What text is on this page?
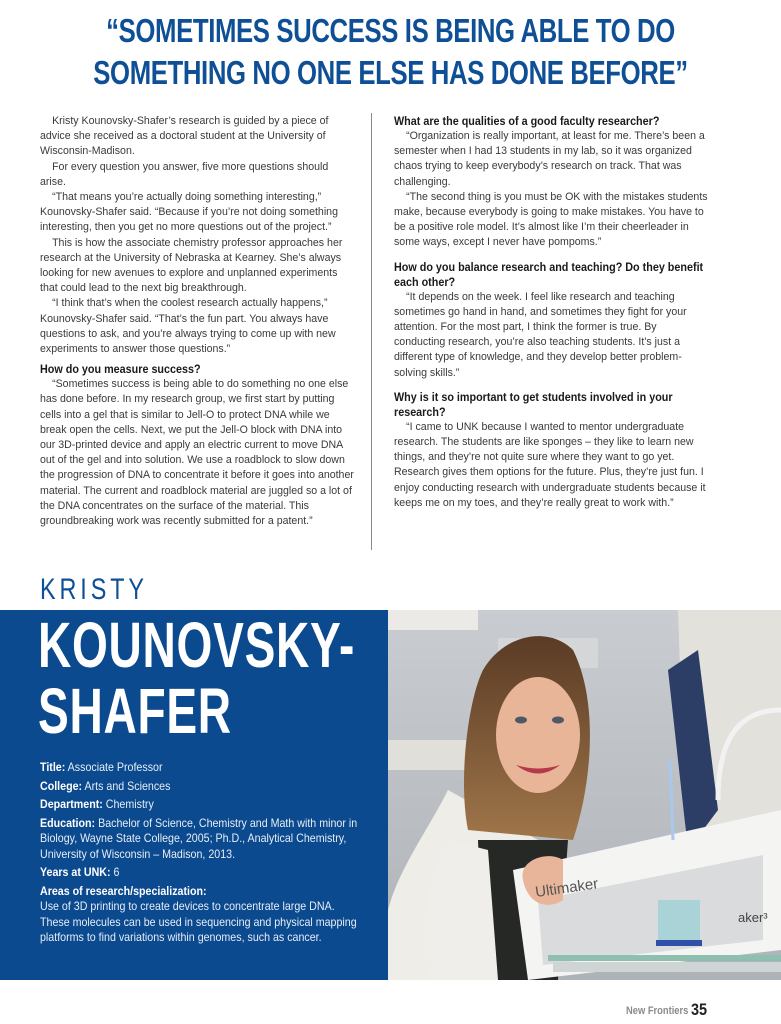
“SOMETIMES SUCCESS IS BEING ABLE TO DO
SOMETHING NO ONE ELSE HAS DONE BEFORE”

Kristy Kounovsky-Shafer’s research is guided by a piece of advice she received as a doctoral student at the University of Wisconsin-Madison.

For every question you answer, five more questions should arise.

“That means you’re actually doing something interesting,” Kounovsky-Shafer said. “Because if you’re not doing something interesting, then you get no more questions out of the project.”

This is how the associate chemistry professor approaches her research at the University of Nebraska at Kearney. She’s always looking for new avenues to explore and unplanned experiments that could lead to the next big breakthrough.

“I think that’s when the coolest research actually happens,” Kounovsky-Shafer said. “That’s the fun part. You always have questions to ask, and you’re always trying to come up with new experiments to answer those questions.”

How do you measure success?

“Sometimes success is being able to do something no one else has done before. In my research group, we first start by putting cells into a gel that is similar to Jell-O to protect DNA while we break open the cells. Next, we put the Jell-O block with DNA into our 3D-printed device and apply an electric current to move DNA out of the gel and into solution. We use a roadblock to slow down the progression of DNA to concentrate it before it goes into another material. The current and roadblock material are juggled so a lot of the DNA concentrates on the surface of the material. This groundbreaking work was recently submitted for a patent.”

What are the qualities of a good faculty researcher?

“Organization is really important, at least for me. There’s been a semester when I had 13 students in my lab, so it was organized chaos trying to keep everybody’s research on track. That was challenging.

“The second thing is you must be OK with the mistakes students make, because everybody is going to make mistakes. You have to be a positive role model. It’s almost like I’m their cheerleader in some ways, except I never have pompoms.”

How do you balance research and teaching? Do they benefit each other?

“It depends on the week. I feel like research and teaching sometimes go hand in hand, and sometimes they fight for your attention. For the most part, I think the former is true. By conducting research, you’re also teaching students. It’s just a different type of knowledge, and they develop better problem-solving skills.”

Why is it so important to get students involved in your research?

“I came to UNK because I wanted to mentor undergraduate research. The students are like sponges – they like to learn new things, and they’re not quite sure where they want to go yet. Research gives them options for the future. Plus, they’re just fun. I enjoy conducting research with undergraduate students because it keeps me on my toes, and they’re really great to work with.”

KRISTY
KOUNOVSKY-
SHAFER
Title: Associate Professor
College: Arts and Sciences
Department: Chemistry
Education: Bachelor of Science, Chemistry and Math with minor in Biology, Wayne State College, 2005; Ph.D., Analytical Chemistry, University of Wisconsin – Madison, 2013.
Years at UNK: 6
Areas of research/specialization:
Use of 3D printing to create devices to concentrate large DNA. These molecules can be used in sequencing and physical mapping platforms to find variations within genomes, such as cancer.
Ultimaker
aker³
New Frontiers 35
